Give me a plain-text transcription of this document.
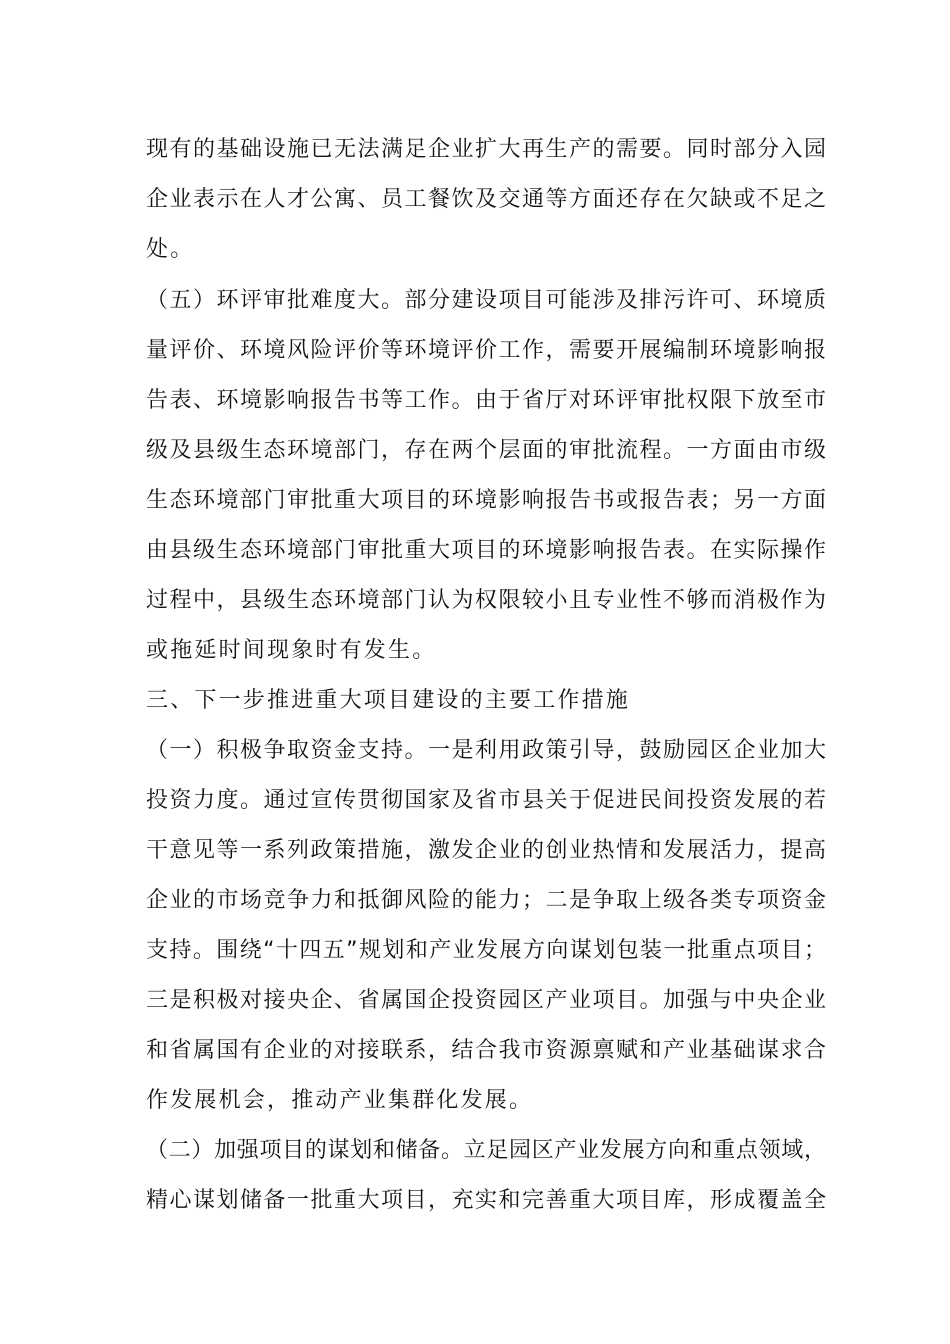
现有的基础设施已无法满足企业扩大再生产的需要。同时部分入园
企业表示在人才公寓、员工餐饮及交通等方面还存在欠缺或不足之
处。
（五）环评审批难度大。部分建设项目可能涉及排污许可、环境质
量评价、环境风险评价等环境评价工作，需要开展编制环境影响报
告表、环境影响报告书等工作。由于省厅对环评审批权限下放至市
级及县级生态环境部门，存在两个层面的审批流程。一方面由市级
生态环境部门审批重大项目的环境影响报告书或报告表；另一方面
由县级生态环境部门审批重大项目的环境影响报告表。在实际操作
过程中，县级生态环境部门认为权限较小且专业性不够而消极作为
或拖延时间现象时有发生。
三、下一步推进重大项目建设的主要工作措施
（一）积极争取资金支持。一是利用政策引导，鼓励园区企业加大
投资力度。通过宣传贯彻国家及省市县关于促进民间投资发展的若
干意见等一系列政策措施，激发企业的创业热情和发展活力，提高
企业的市场竞争力和抵御风险的能力；二是争取上级各类专项资金
支持。围绕“十四五”规划和产业发展方向谋划包装一批重点项目；
三是积极对接央企、省属国企投资园区产业项目。加强与中央企业
和省属国有企业的对接联系，结合我市资源禀赋和产业基础谋求合
作发展机会，推动产业集群化发展。
（二）加强项目的谋划和储备。立足园区产业发展方向和重点领域，
精心谋划储备一批重大项目，充实和完善重大项目库，形成覆盖全
